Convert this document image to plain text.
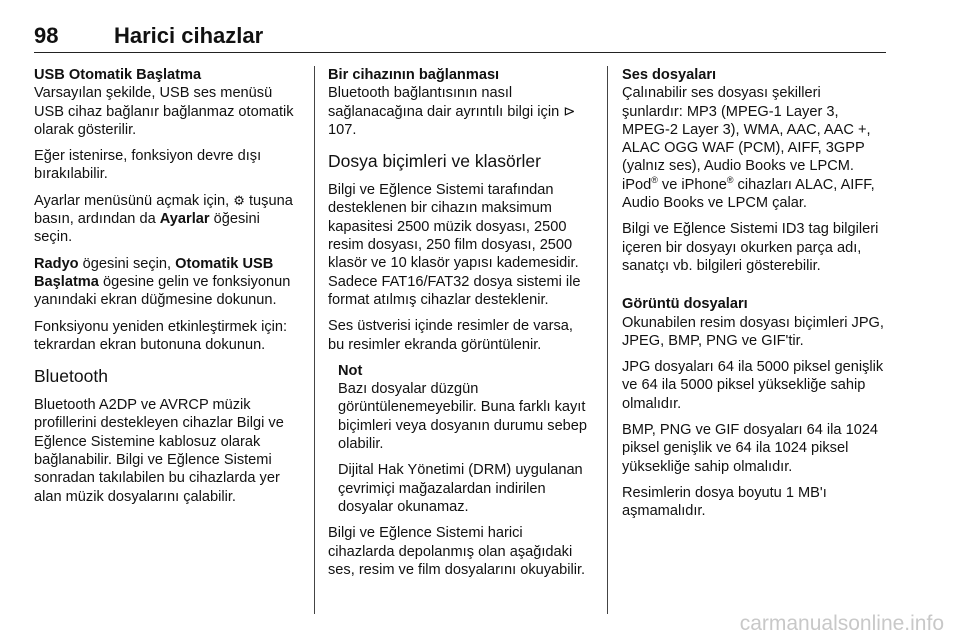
98	Harici cihazlar

USB Otomatik Başlatma

Varsayılan şekilde, USB ses menüsü USB cihaz bağlanır bağlanmaz otomatik olarak gösterilir.

Eğer istenirse, fonksiyon devre dışı bırakılabilir.

Ayarlar menüsünü açmak için, ⚙ tuşuna basın, ardından da Ayarlar öğesini seçin.

Radyo ögesini seçin, Otomatik USB Başlatma ögesine gelin ve fonksiyonun yanındaki ekran düğmesine dokunun.

Fonksiyonu yeniden etkinleştirmek için: tekrardan ekran butonuna dokunun.

Bluetooth

Bluetooth A2DP ve AVRCP müzik profillerini destekleyen cihazlar Bilgi ve Eğlence Sistemine kablosuz olarak bağlanabilir. Bilgi ve Eğlence Sistemi sonradan takılabilen bu cihazlarda yer alan müzik dosyalarını çalabilir.

Bir cihazının bağlanması

Bluetooth bağlantısının nasıl sağlanacağına dair ayrıntılı bilgi için ⊳ 107.

Dosya biçimleri ve klasörler

Bilgi ve Eğlence Sistemi tarafından desteklenen bir cihazın maksimum kapasitesi 2500 müzik dosyası, 2500 resim dosyası, 250 film dosyası, 2500 klasör ve 10 klasör yapısı kademesidir. Sadece FAT16/FAT32 dosya sistemi ile format atılmış cihazlar desteklenir.

Ses üstverisi içinde resimler de varsa, bu resimler ekranda görüntülenir.

Not

Bazı dosyalar düzgün görüntülenemeyebilir. Buna farklı kayıt biçimleri veya dosyanın durumu sebep olabilir.

Dijital Hak Yönetimi (DRM) uygulanan çevrimiçi mağazalardan indirilen dosyalar okunamaz.

Bilgi ve Eğlence Sistemi harici cihazlarda depolanmış olan aşağıdaki ses, resim ve film dosyalarını okuyabilir.

Ses dosyaları

Çalınabilir ses dosyası şekilleri şunlardır: MP3 (MPEG-1 Layer 3, MPEG-2 Layer 3), WMA, AAC, AAC +, ALAC OGG WAF (PCM), AIFF, 3GPP (yalnız ses), Audio Books ve LPCM. iPod® ve iPhone® cihazları ALAC, AIFF, Audio Books ve LPCM çalar.

Bilgi ve Eğlence Sistemi ID3 tag bilgileri içeren bir dosyayı okurken parça adı, sanatçı vb. bilgileri gösterebilir.

Görüntü dosyaları

Okunabilen resim dosyası biçimleri JPG, JPEG, BMP, PNG ve GIF'tir.

JPG dosyaları 64 ila 5000 piksel genişlik ve 64 ila 5000 piksel yüksekliğe sahip olmalıdır.

BMP, PNG ve GIF dosyaları 64 ila 1024 piksel genişlik ve 64 ila 1024 piksel yüksekliğe sahip olmalıdır.

Resimlerin dosya boyutu 1 MB'ı aşmamalıdır.

carmanualsonline.info
